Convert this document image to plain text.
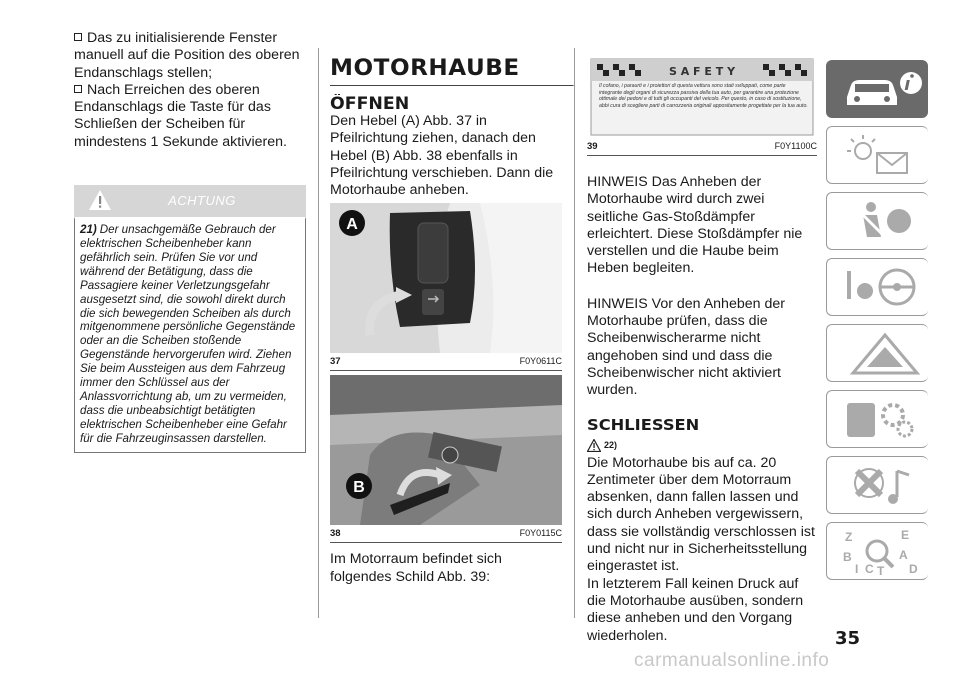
Das zu initialisierende Fenster manuell auf die Position des oberen Endanschlags stellen;

Nach Erreichen des oberen Endanschlags die Taste für das Schließen der Scheiben für mindestens 1 Sekunde aktivieren.

ACHTUNG
21) Der unsachgemäße Gebrauch der elektrischen Scheibenheber kann gefährlich sein. Prüfen Sie vor und während der Betätigung, dass die Passagiere keiner Verletzungsgefahr ausgesetzt sind, die sowohl direkt durch die sich bewegenden Scheiben als durch mitgenommene persönliche Gegenstände oder an die Scheiben stoßende Gegenstände hervorgerufen wird. Ziehen Sie beim Aussteigen aus dem Fahrzeug immer den Schlüssel aus der Anlassvorrichtung ab, um zu vermeiden, dass die unbeabsichtigt betätigten elektrischen Scheibenheber eine Gefahr für die Fahrzeuginsassen darstellen.
MOTORHAUBE
ÖFFNEN

Den Hebel (A) Abb. 37 in Pfeilrichtung ziehen, danach den Hebel (B) Abb. 38 ebenfalls in Pfeilrichtung verschieben. Dann die Motorhaube anheben.

A
37	F0Y0611C
B
38	F0Y0115C

Im Motorraum befindet sich folgendes Schild Abb. 39:

S A F E T Y
Il cofano, i paraurti e i proiettori di questa vettura sono stati sviluppati, come parte integrante degli organi di sicurezza passiva della tua auto, per garantire una protezione ottimale dei pedoni e di tutti gli occupanti del veicolo. Per questo, in caso di sostituzione, abbi cura di scegliere parti di carrozzeria originali appositamente progettate per la tua auto.
39	F0Y1100C

HINWEIS Das Anheben der Motorhaube wird durch zwei seitliche Gas-Stoßdämpfer erleichtert. Diese Stoßdämpfer nie verstellen und die Haube beim Heben begleiten.

HINWEIS Vor den Anheben der Motorhaube prüfen, dass die Scheibenwischerarme nicht angehoben sind und dass die Scheibenwischer nicht aktiviert wurden.

SCHLIESSEN
22)

Die Motorhaube bis auf ca. 20 Zentimeter über dem Motorraum absenken, dann fallen lassen und sich durch Anheben vergewissern, dass sie vollständig verschlossen ist und nicht nur in Sicherheitsstellung eingerastet ist.

In letzterem Fall keinen Druck auf die Motorhaube ausüben, sondern diese anheben und den Vorgang wiederholen.

Z	E
B	A
I C T D
35
carmanualsonline.info
